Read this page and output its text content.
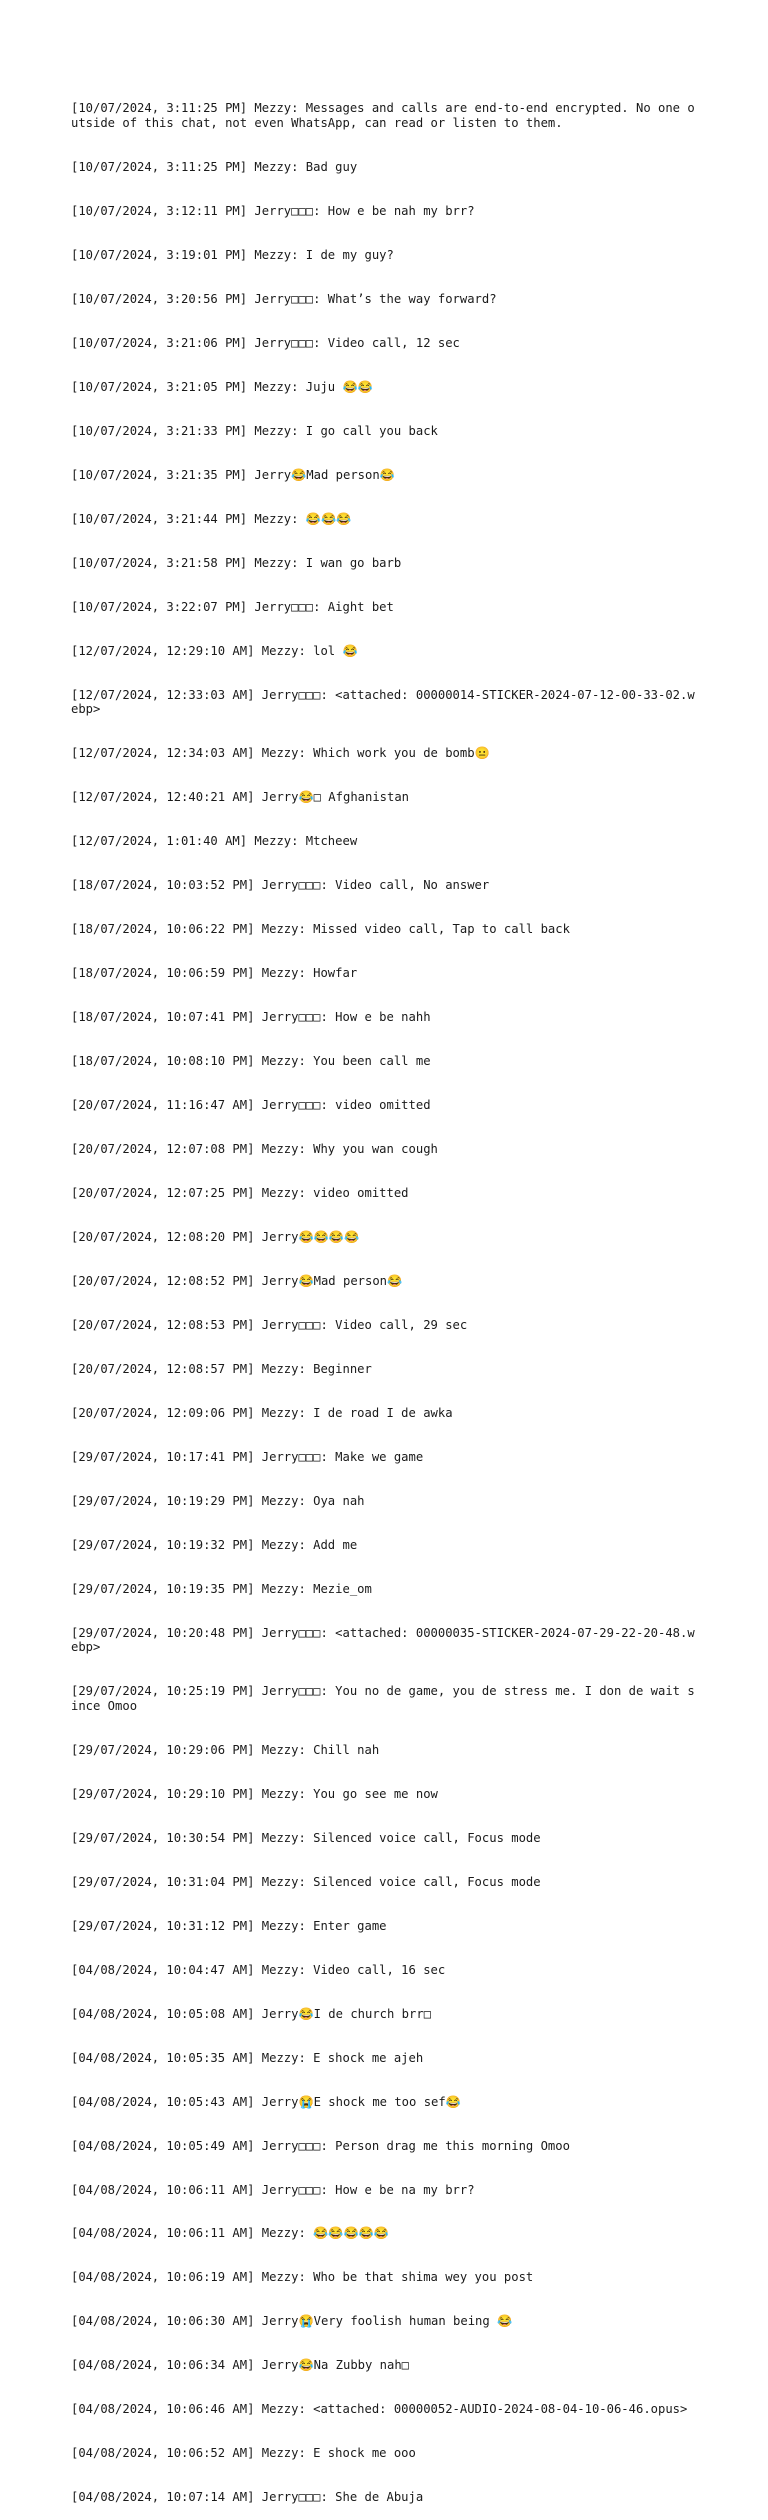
[10/07/2024, 3:11:25 PM] Mezzy: Messages and calls are end-to-end encrypted. No one outside of this chat, not even WhatsApp, can read or listen to them.

[10/07/2024, 3:11:25 PM] Mezzy: Bad guy

[10/07/2024, 3:12:11 PM] Jerry□□□: How e be nah my brr?

[10/07/2024, 3:19:01 PM] Mezzy: I de my guy?

[10/07/2024, 3:20:56 PM] Jerry□□□: What’s the way forward?

[10/07/2024, 3:21:06 PM] Jerry□□□: Video call, 12 sec

[10/07/2024, 3:21:05 PM] Mezzy: Juju 😂😂

[10/07/2024, 3:21:33 PM] Mezzy: I go call you back

[10/07/2024, 3:21:35 PM] Jerry😂Mad person😂

[10/07/2024, 3:21:44 PM] Mezzy: 😂😂😂

[10/07/2024, 3:21:58 PM] Mezzy: I wan go barb

[10/07/2024, 3:22:07 PM] Jerry□□□: Aight bet

[12/07/2024, 12:29:10 AM] Mezzy: lol 😂

[12/07/2024, 12:33:03 AM] Jerry□□□: <attached: 00000014-STICKER-2024-07-12-00-33-02.webp>

[12/07/2024, 12:34:03 AM] Mezzy: Which work you de bomb😐

[12/07/2024, 12:40:21 AM] Jerry😂□ Afghanistan

[12/07/2024, 1:01:40 AM] Mezzy: Mtcheew

[18/07/2024, 10:03:52 PM] Jerry□□□: Video call, No answer

[18/07/2024, 10:06:22 PM] Mezzy: Missed video call, Tap to call back

[18/07/2024, 10:06:59 PM] Mezzy: Howfar

[18/07/2024, 10:07:41 PM] Jerry□□□: How e be nahh

[18/07/2024, 10:08:10 PM] Mezzy: You been call me

[20/07/2024, 11:16:47 AM] Jerry□□□: video omitted

[20/07/2024, 12:07:08 PM] Mezzy: Why you wan cough

[20/07/2024, 12:07:25 PM] Mezzy: video omitted

[20/07/2024, 12:08:20 PM] Jerry😂😂😂😂

[20/07/2024, 12:08:52 PM] Jerry😂Mad person😂

[20/07/2024, 12:08:53 PM] Jerry□□□: Video call, 29 sec

[20/07/2024, 12:08:57 PM] Mezzy: Beginner

[20/07/2024, 12:09:06 PM] Mezzy: I de road I de awka

[29/07/2024, 10:17:41 PM] Jerry□□□: Make we game

[29/07/2024, 10:19:29 PM] Mezzy: Oya nah

[29/07/2024, 10:19:32 PM] Mezzy: Add me

[29/07/2024, 10:19:35 PM] Mezzy: Mezie_om

[29/07/2024, 10:20:48 PM] Jerry□□□: <attached: 00000035-STICKER-2024-07-29-22-20-48.webp>

[29/07/2024, 10:25:19 PM] Jerry□□□: You no de game, you de stress me. I don de wait since Omoo

[29/07/2024, 10:29:06 PM] Mezzy: Chill nah

[29/07/2024, 10:29:10 PM] Mezzy: You go see me now

[29/07/2024, 10:30:54 PM] Mezzy: Silenced voice call, Focus mode

[29/07/2024, 10:31:04 PM] Mezzy: Silenced voice call, Focus mode

[29/07/2024, 10:31:12 PM] Mezzy: Enter game

[04/08/2024, 10:04:47 AM] Mezzy: Video call, 16 sec

[04/08/2024, 10:05:08 AM] Jerry😂I de church brr□

[04/08/2024, 10:05:35 AM] Mezzy: E shock me ajeh

[04/08/2024, 10:05:43 AM] Jerry😭E shock me too sef😂

[04/08/2024, 10:05:49 AM] Jerry□□□: Person drag me this morning Omoo

[04/08/2024, 10:06:11 AM] Jerry□□□: How e be na my brr?

[04/08/2024, 10:06:11 AM] Mezzy: 😂😂😂😂😂

[04/08/2024, 10:06:19 AM] Mezzy: Who be that shima wey you post

[04/08/2024, 10:06:30 AM] Jerry😭Very foolish human being 😂

[04/08/2024, 10:06:34 AM] Jerry😂Na Zubby nah□

[04/08/2024, 10:06:46 AM] Mezzy: <attached: 00000052-AUDIO-2024-08-04-10-06-46.opus>

[04/08/2024, 10:06:52 AM] Mezzy: E shock me ooo

[04/08/2024, 10:07:14 AM] Jerry□□□: She de Abuja
